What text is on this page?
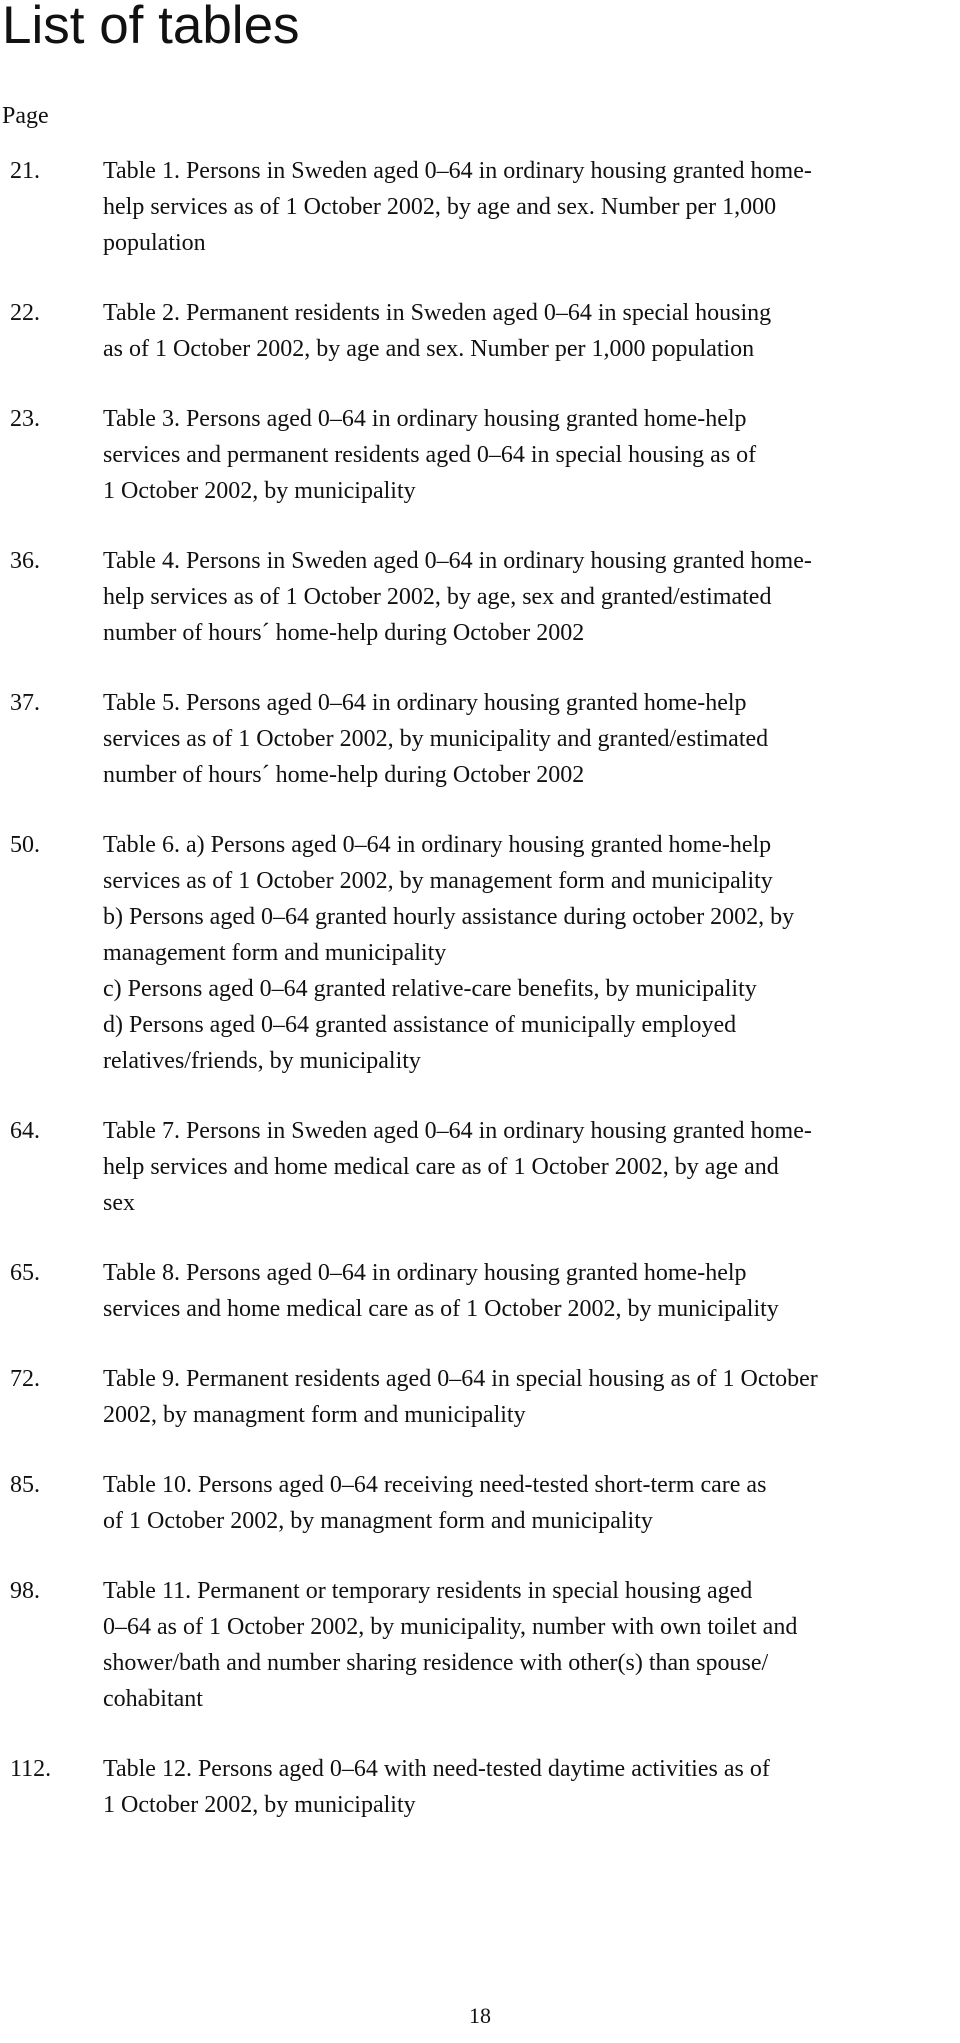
List of tables
Page
21.	Table 1. Persons in Sweden aged 0–64 in ordinary housing granted home-
help services as of 1 October 2002, by age and sex. Number per 1,000
population
22.	Table 2. Permanent residents in Sweden aged 0–64 in special housing
as of 1 October 2002, by age and sex. Number per 1,000 population
23.	Table 3. Persons aged 0–64 in ordinary housing granted home-help
services and permanent residents aged 0–64 in special housing as of
1 October 2002, by municipality
36.	Table 4. Persons in Sweden aged 0–64 in ordinary housing granted home-
help services as of 1 October 2002, by age, sex and granted/estimated
number of hours´ home-help during October 2002
37.	Table 5. Persons aged 0–64 in ordinary housing granted home-help
services as of 1 October 2002, by municipality and granted/estimated
number of hours´ home-help during October 2002
50.	Table 6. a) Persons aged 0–64 in ordinary housing granted home-help
services as of 1 October 2002, by management form and municipality
b) Persons aged 0–64 granted hourly assistance during october 2002, by
management form and municipality
c) Persons aged 0–64 granted relative-care benefits, by municipality
d) Persons aged 0–64 granted assistance of municipally employed
relatives/friends, by municipality
64.	Table 7. Persons in Sweden aged 0–64 in ordinary housing granted home-
help services and home medical care as of 1 October 2002, by age and
sex
65.	Table 8. Persons aged 0–64 in ordinary housing granted home-help
services and home medical care as of 1 October 2002, by municipality
72.	Table 9. Permanent residents aged 0–64 in special housing as of 1 October
2002, by managment form and municipality
85.	Table 10. Persons aged 0–64 receiving need-tested short-term care as
of 1 October 2002, by managment form and municipality
98.	Table 11. Permanent or temporary residents in special housing aged
0–64 as of 1 October 2002, by municipality, number with own toilet and
shower/bath and number sharing residence with other(s) than spouse/
cohabitant
112. Table 12. Persons aged 0–64 with need-tested daytime activities as of
1 October 2002, by municipality
18
